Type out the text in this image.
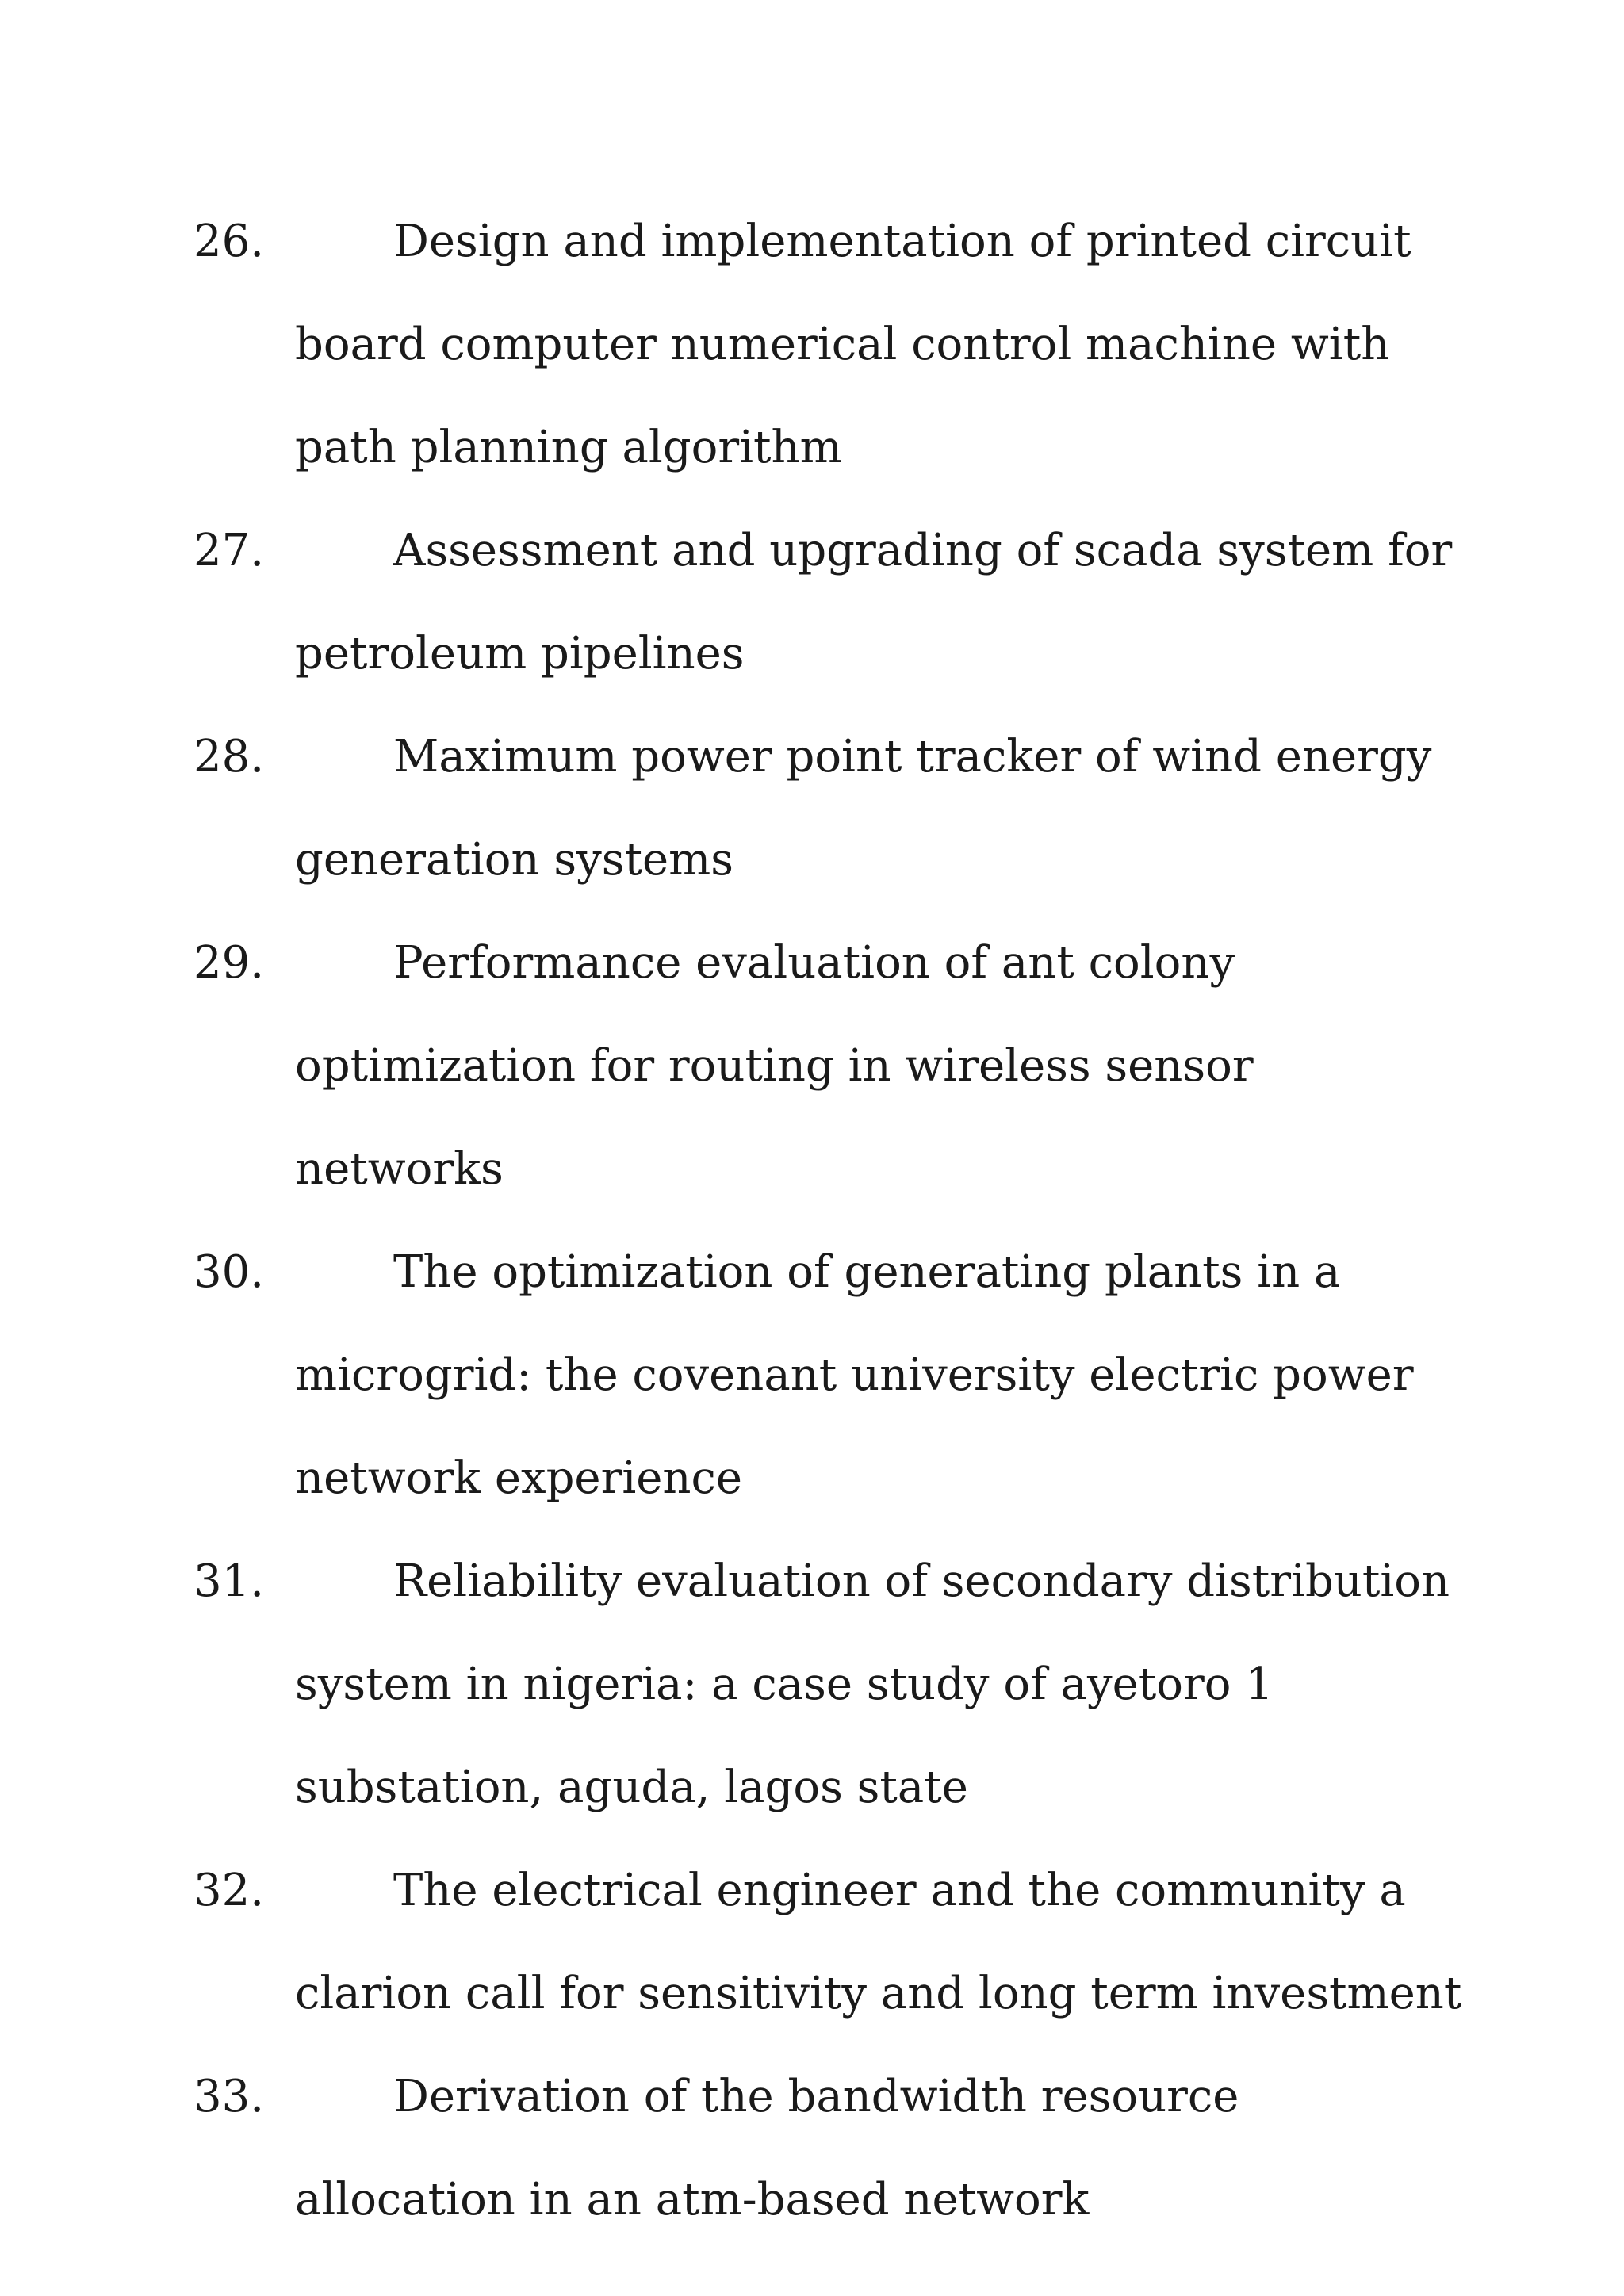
26.	Design and implementation of printed circuit board computer numerical control machine with path planning algorithm
27.	Assessment and upgrading of scada system for petroleum pipelines
28.	Maximum power point tracker of wind energy generation systems
29.	Performance evaluation of ant colony optimization for routing in wireless sensor networks
30.	The optimization of generating plants in a microgrid: the covenant university electric power network experience
31.	Reliability evaluation of secondary distribution system in nigeria: a case study of ayetoro 1 substation, aguda, lagos state
32.	The electrical engineer and the community a clarion call for sensitivity and long term investment
33.	Derivation of the bandwidth resource allocation in an atm-based network
